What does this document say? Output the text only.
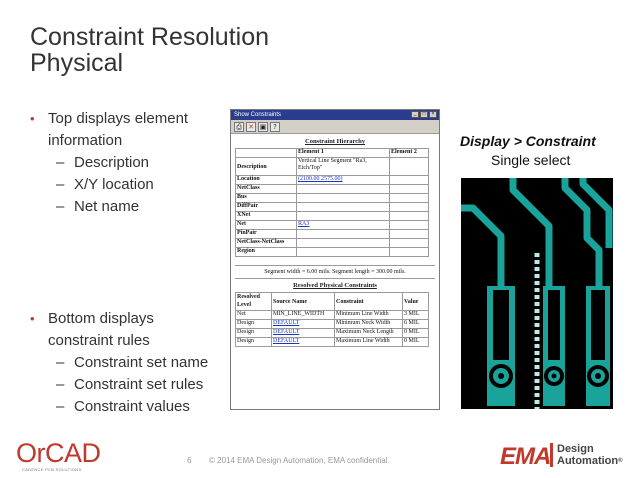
Constraint Resolution
Physical
• Top displays element
information
– Description
– X/Y location
– Net name
• Bottom displays
constraint rules
– Constraint set name
– Constraint set rules
– Constraint values
Show Constraints	_	□	×
⎙ ✕ ▣ ?
Constraint Hierarchy
	Element 1	Element 2
Description	Vertical Line Segment "Ra3, Etch/Top"	
Location	(2100.00 2575.00)	
NetClass		
Bus		
DiffPair		
XNet		
Net	RA3	
PinPair		
NetClass-NetClass		
Region		
Segment width = 6.00 mils. Segment length = 300.00 mils.
Resolved Physical Constraints
Resolved Level	Source Name	Constraint	Value
Net	MIN_LINE_WIDTH	Minimum Line Width	3 MIL
Design	DEFAULT	Minimum Neck Width	6 MIL
Design	DEFAULT	Maximum Neck Length	0 MIL
Design	DEFAULT	Maximum Line Width	0 MIL
Display > Constraint
Single select
OrCAD
CADENCE PCB SOLUTIONS
6 © 2014 EMA Design Automation, EMA confidential.	EMA Design
Automation®
